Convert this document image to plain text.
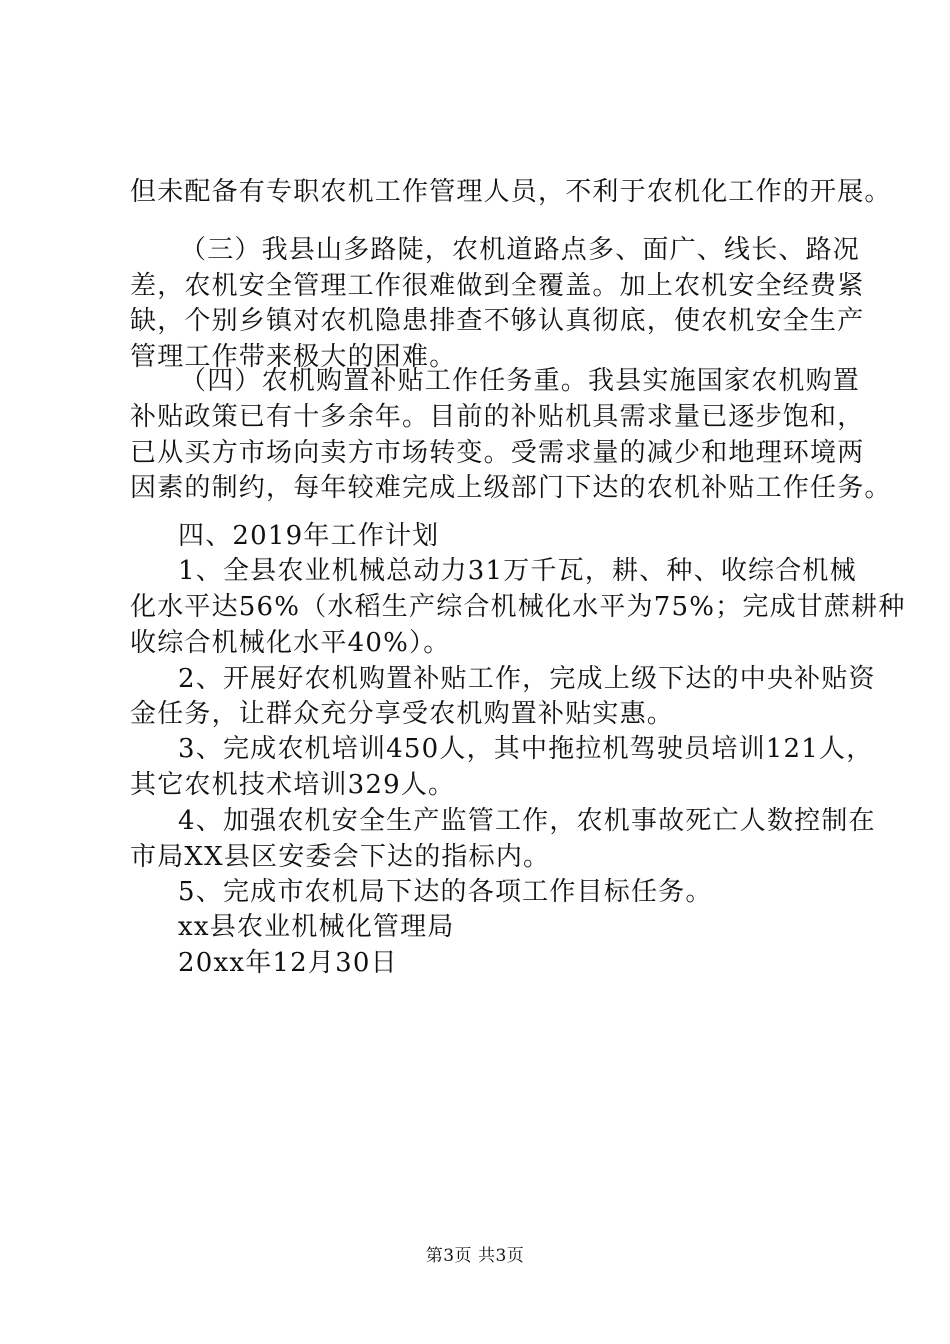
但未配备有专职农机工作管理人员，不利于农机化工作的开展。
（三）我县山多路陡，农机道路点多、面广、线长、路况
差，农机安全管理工作很难做到全覆盖。加上农机安全经费紧
缺，个别乡镇对农机隐患排查不够认真彻底，使农机安全生产
管理工作带来极大的困难。
（四）农机购置补贴工作任务重。我县实施国家农机购置
补贴政策已有十多余年。目前的补贴机具需求量已逐步饱和，
已从买方市场向卖方市场转变。受需求量的减少和地理环境两
因素的制约，每年较难完成上级部门下达的农机补贴工作任务。
四、2019年工作计划
1、全县农业机械总动力31万千瓦，耕、种、收综合机械
化水平达56%（水稻生产综合机械化水平为75%；完成甘蔗耕种
收综合机械化水平40%）。
2、开展好农机购置补贴工作，完成上级下达的中央补贴资
金任务，让群众充分享受农机购置补贴实惠。
3、完成农机培训450人，其中拖拉机驾驶员培训121人，
其它农机技术培训329人。
4、加强农机安全生产监管工作，农机事故死亡人数控制在
市局XX县区安委会下达的指标内。
5、完成市农机局下达的各项工作目标任务。
xx县农业机械化管理局
20xx年12月30日
第3页 共3页
